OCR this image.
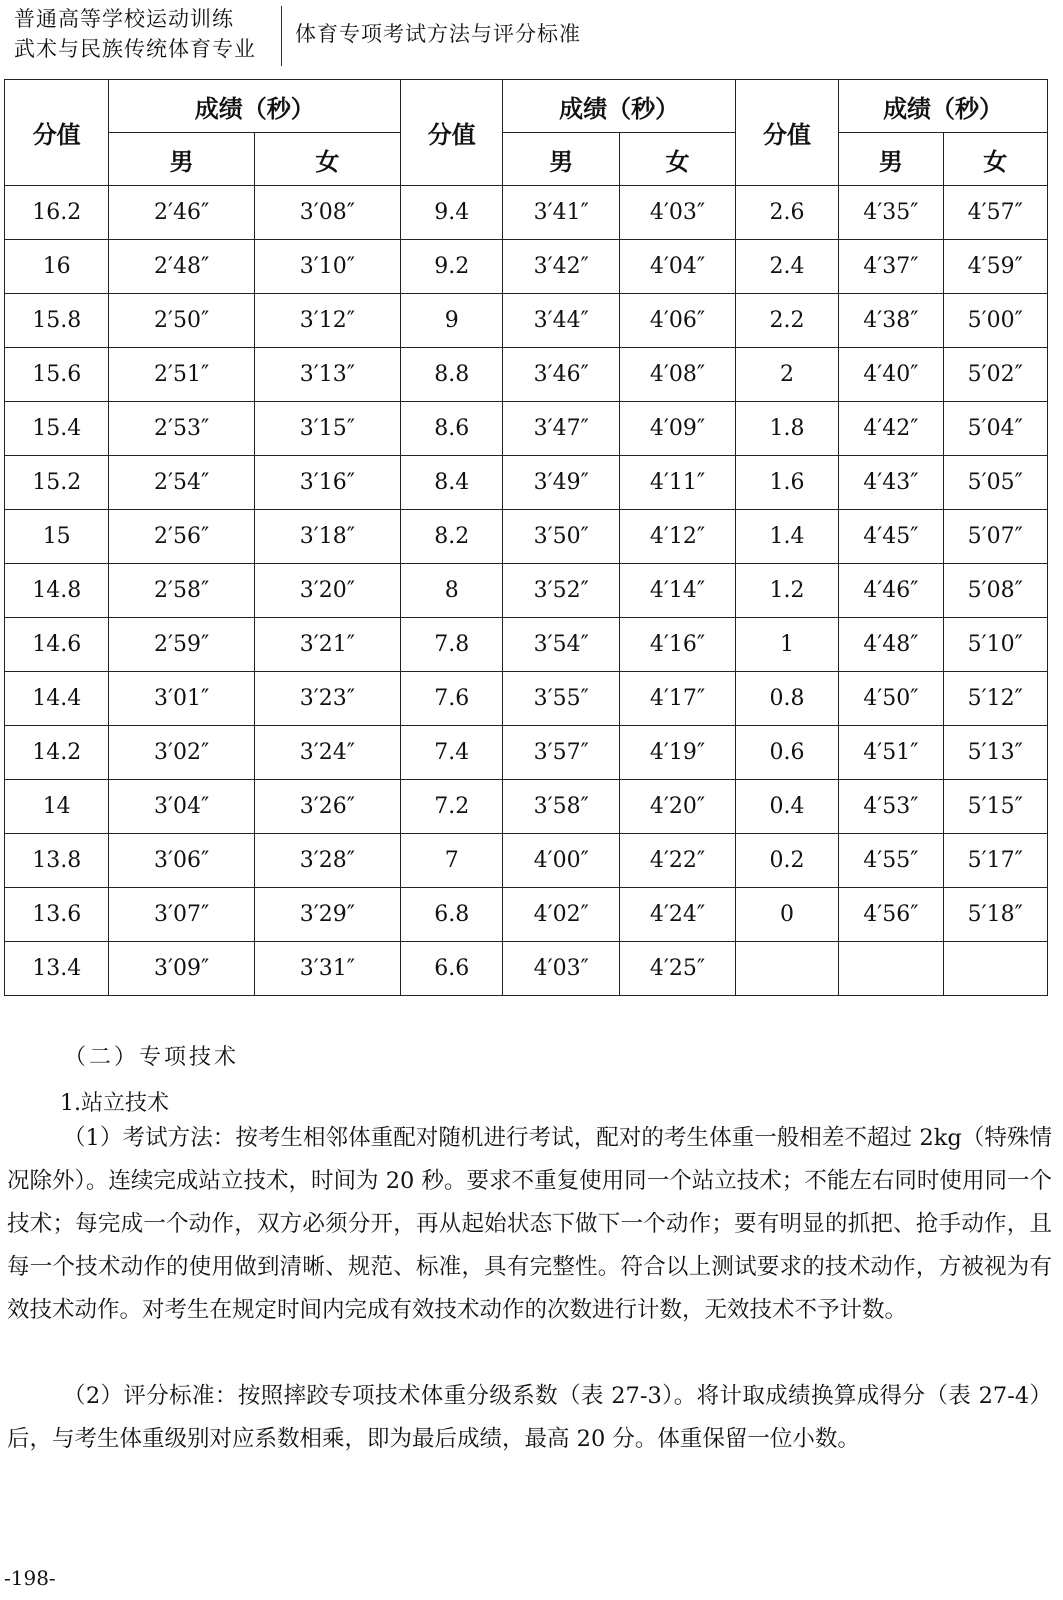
普通高等学校运动训练
武术与民族传统体育专业
体育专项考试方法与评分标准
分值	成绩（秒）		分值	成绩（秒）		分值	成绩（秒）	
	男	女		男	女		男	女
16.2	2′46″	3′08″	9.4	3′41″	4′03″	2.6	4′35″	4′57″
16	2′48″	3′10″	9.2	3′42″	4′04″	2.4	4′37″	4′59″
15.8	2′50″	3′12″	9	3′44″	4′06″	2.2	4′38″	5′00″
15.6	2′51″	3′13″	8.8	3′46″	4′08″	2	4′40″	5′02″
15.4	2′53″	3′15″	8.6	3′47″	4′09″	1.8	4′42″	5′04″
15.2	2′54″	3′16″	8.4	3′49″	4′11″	1.6	4′43″	5′05″
15	2′56″	3′18″	8.2	3′50″	4′12″	1.4	4′45″	5′07″
14.8	2′58″	3′20″	8	3′52″	4′14″	1.2	4′46″	5′08″
14.6	2′59″	3′21″	7.8	3′54″	4′16″	1	4′48″	5′10″
14.4	3′01″	3′23″	7.6	3′55″	4′17″	0.8	4′50″	5′12″
14.2	3′02″	3′24″	7.4	3′57″	4′19″	0.6	4′51″	5′13″
14	3′04″	3′26″	7.2	3′58″	4′20″	0.4	4′53″	5′15″
13.8	3′06″	3′28″	7	4′00″	4′22″	0.2	4′55″	5′17″
13.6	3′07″	3′29″	6.8	4′02″	4′24″	0	4′56″	5′18″
13.4	3′09″	3′31″	6.6	4′03″	4′25″			
（二）专项技术
1.站立技术
（1）考试方法：按考生相邻体重配对随机进行考试，配对的考生体重一般相差不超过 2kg（特殊情况除外）。连续完成站立技术，时间为 20 秒。要求不重复使用同一个站立技术；不能左右同时使用同一个技术；每完成一个动作，双方必须分开，再从起始状态下做下一个动作；要有明显的抓把、抢手动作，且每一个技术动作的使用做到清晰、规范、标准，具有完整性。符合以上测试要求的技术动作，方被视为有效技术动作。对考生在规定时间内完成有效技术动作的次数进行计数，无效技术不予计数。
（2）评分标准：按照摔跤专项技术体重分级系数（表 27-3）。将计取成绩换算成得分（表 27-4）后，与考生体重级别对应系数相乘，即为最后成绩，最高 20 分。体重保留一位小数。
-198-
